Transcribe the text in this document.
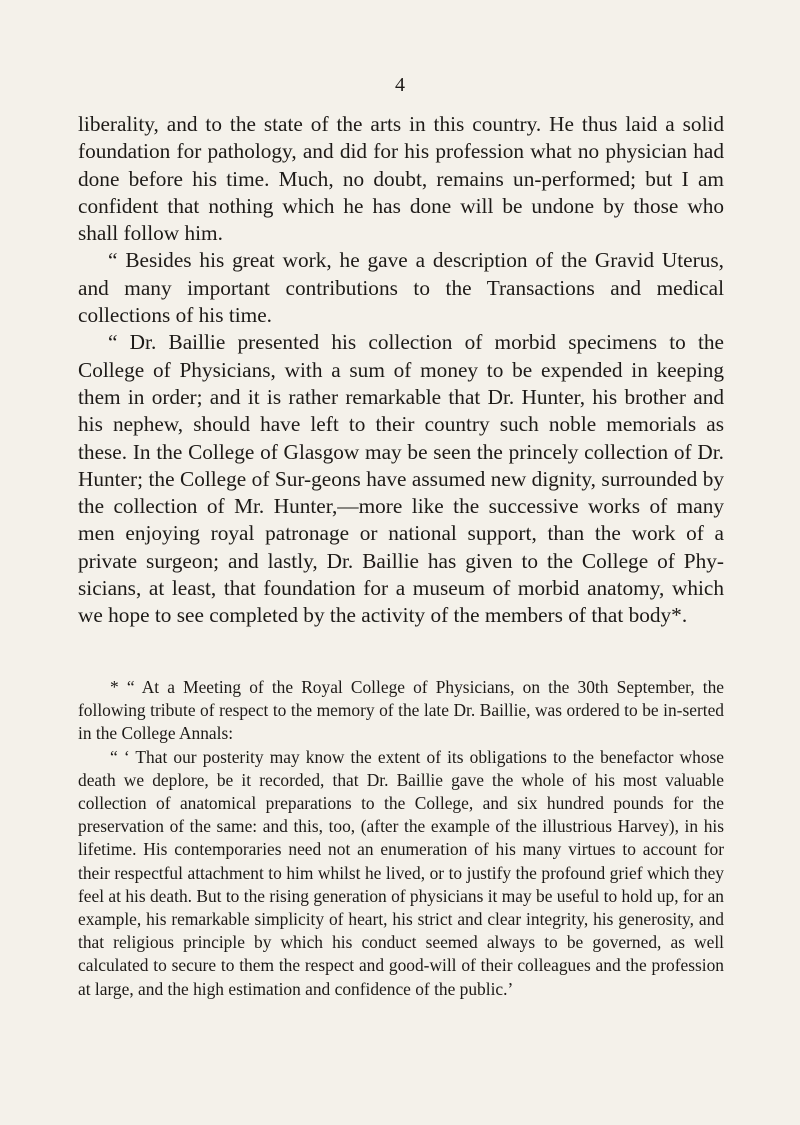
4

liberality, and to the state of the arts in this country. He thus laid a solid foundation for pathology, and did for his profession what no physician had done before his time. Much, no doubt, remains un-performed; but I am confident that nothing which he has done will be undone by those who shall follow him.

“ Besides his great work, he gave a description of the Gravid Uterus, and many important contributions to the Transactions and medical collections of his time.

“ Dr. Baillie presented his collection of morbid specimens to the College of Physicians, with a sum of money to be expended in keeping them in order; and it is rather remarkable that Dr. Hunter, his brother and his nephew, should have left to their country such noble memorials as these. In the College of Glasgow may be seen the princely collection of Dr. Hunter; the College of Sur-geons have assumed new dignity, surrounded by the collection of Mr. Hunter,—more like the successive works of many men enjoying royal patronage or national support, than the work of a private surgeon; and lastly, Dr. Baillie has given to the College of Phy-sicians, at least, that foundation for a museum of morbid anatomy, which we hope to see completed by the activity of the members of that body*.

* “ At a Meeting of the Royal College of Physicians, on the 30th September, the following tribute of respect to the memory of the late Dr. Baillie, was ordered to be in-serted in the College Annals:

“ ‘ That our posterity may know the extent of its obligations to the benefactor whose death we deplore, be it recorded, that Dr. Baillie gave the whole of his most valuable collection of anatomical preparations to the College, and six hundred pounds for the preservation of the same: and this, too, (after the example of the illustrious Harvey), in his lifetime. His contemporaries need not an enumeration of his many virtues to account for their respectful attachment to him whilst he lived, or to justify the profound grief which they feel at his death. But to the rising generation of physicians it may be useful to hold up, for an example, his remarkable simplicity of heart, his strict and clear integrity, his generosity, and that religious principle by which his conduct seemed always to be governed, as well calculated to secure to them the respect and good-will of their colleagues and the profession at large, and the high estimation and confidence of the public.’
